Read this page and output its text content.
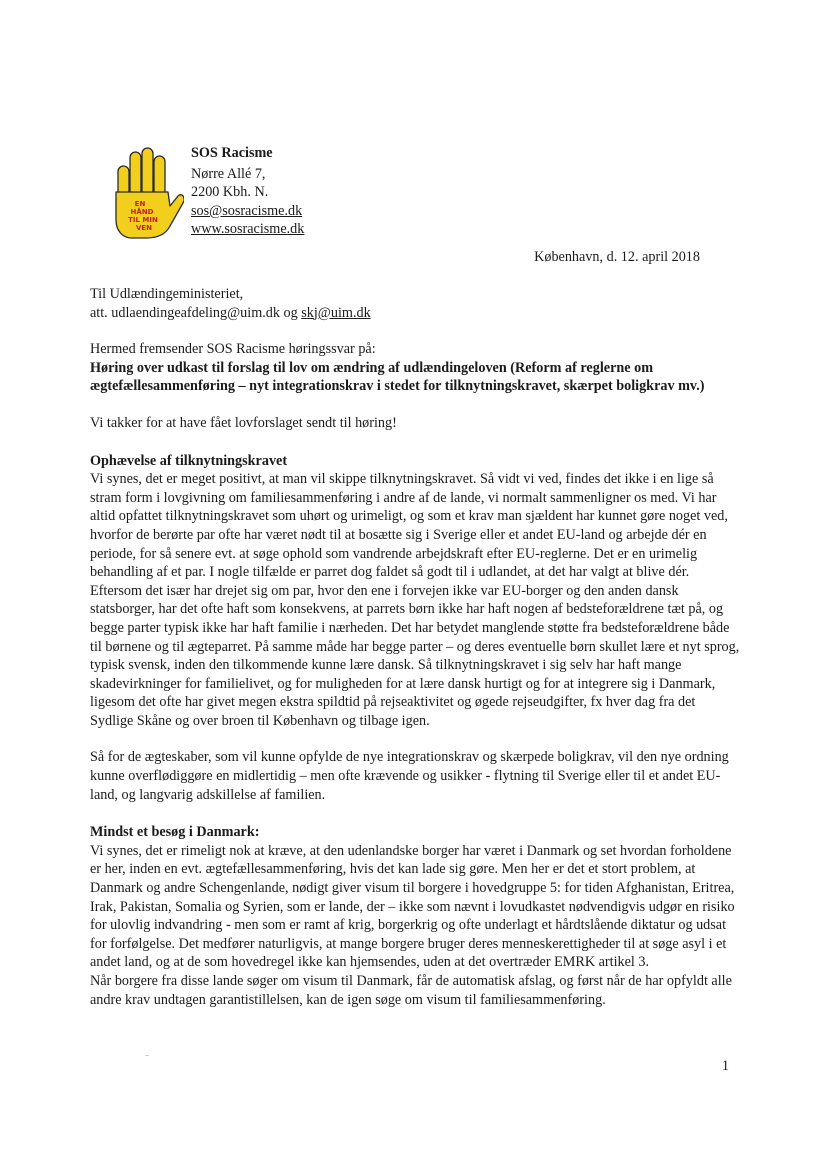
EN
HÅND
TIL MIN
VEN
SOS Racisme
Nørre Allé 7,
2200 Kbh. N.
sos@sosracisme.dk
www.sosracisme.dk
København, d. 12. april 2018

Til Udlændingeministeriet,

att. udlaendingeafdeling@uim.dk og skj@uim.dk

Hermed fremsender SOS Racisme høringssvar på:

Høring over udkast til forslag til lov om ændring af udlændingeloven (Reform af reglerne om ægtefællesammenføring – nyt integrationskrav i stedet for tilknytningskravet, skærpet boligkrav mv.)

Vi takker for at have fået lovforslaget sendt til høring!

Ophævelse af tilknytningskravet

Vi synes, det er meget positivt, at man vil skippe tilknytningskravet. Så vidt vi ved, findes det ikke i en lige så stram form i lovgivning om familiesammenføring i andre af de lande, vi normalt sammenligner os med. Vi har altid opfattet tilknytningskravet som uhørt og urimeligt, og som et krav man sjældent har kunnet gøre noget ved, hvorfor de berørte par ofte har været nødt til at bosætte sig i Sverige eller et andet EU-land og arbejde dér en periode, for så senere evt. at søge ophold som vandrende arbejdskraft efter EU-reglerne. Det er en urimelig behandling af et par. I nogle tilfælde er parret dog faldet så godt til i udlandet, at det har valgt at blive dér. Eftersom det især har drejet sig om par, hvor den ene i forvejen ikke var EU-borger og den anden dansk statsborger, har det ofte haft som konsekvens, at parrets børn ikke har haft nogen af bedsteforældrene tæt på, og begge parter typisk ikke har haft familie i nærheden. Det har betydet manglende støtte fra bedsteforældrene både til børnene og til ægteparret. På samme måde har begge parter – og deres eventuelle børn skullet lære et nyt sprog, typisk svensk, inden den tilkommende kunne lære dansk. Så tilknytningskravet i sig selv har haft mange skadevirkninger for familielivet, og for muligheden for at lære dansk hurtigt og for at integrere sig i Danmark, ligesom det ofte har givet megen ekstra spildtid på rejseaktivitet og øgede rejseudgifter, fx hver dag fra det Sydlige Skåne og over broen til København og tilbage igen.

Så for de ægteskaber, som vil kunne opfylde de nye integrationskrav og skærpede boligkrav, vil den nye ordning kunne overflødiggøre en midlertidig – men ofte krævende og usikker - flytning til Sverige eller til et andet EU-land, og langvarig adskillelse af familien.

Mindst et besøg i Danmark:

Vi synes, det er rimeligt nok at kræve, at den udenlandske borger har været i Danmark og set hvordan forholdene er her, inden en evt. ægtefællesammenføring, hvis det kan lade sig gøre. Men her er det et stort problem, at Danmark og andre Schengenlande, nødigt giver visum til borgere i hovedgruppe 5: for tiden Afghanistan, Eritrea, Irak, Pakistan, Somalia og Syrien, som er lande, der – ikke som nævnt i lovudkastet nødvendigvis udgør en risiko for ulovlig indvandring - men som er ramt af krig, borgerkrig og ofte underlagt et hårdtslående diktatur og udsat for forfølgelse. Det medfører naturligvis, at mange borgere bruger deres menneskerettigheder til at søge asyl i et andet land, og at de som hovedregel ikke kan hjemsendes, uden at det overtræder EMRK artikel 3.

Når borgere fra disse lande søger om visum til Danmark, får de automatisk afslag, og først når de har opfyldt alle andre krav undtagen garantistillelsen, kan de igen søge om visum til familiesammenføring.

1
